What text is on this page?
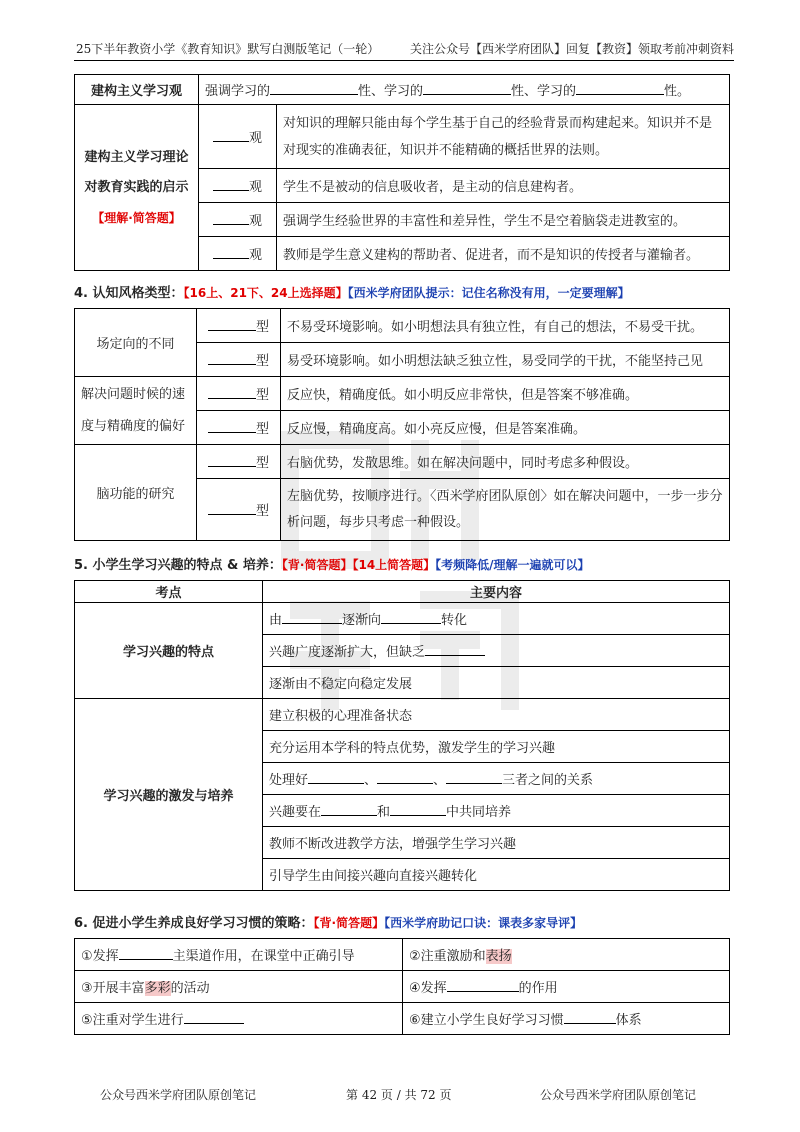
25下半年教资小学《教育知识》默写白测版笔记（一轮）	关注公众号【西米学府团队】回复【教资】领取考前冲刺资料
建构主义学习观	强调学习的 性、学习的 性、学习的 性。	

建构主义学习理论
对教育实践的启示
【理解·简答题】	观	对知识的理解只能由每个学生基于自己的经验背景而构建起来。知识并不是对现实的准确表征，知识并不能精确的概括世界的法则。
	观	学生不是被动的信息吸收者，是主动的信息建构者。
	观	强调学生经验世界的丰富性和差异性，学生不是空着脑袋走进教室的。
	观	教师是学生意义建构的帮助者、促进者，而不是知识的传授者与灌输者。
4. 认知风格类型：【16上、21下、24上选择题】【西米学府团队提示：记住名称没有用，一定要理解】
场定向的不同	型	不易受环境影响。如小明想法具有独立性，有自己的想法，不易受干扰。
	型	易受环境影响。如小明想法缺乏独立性，易受同学的干扰，不能坚持己见

解决问题时候的速
度与精确度的偏好	型	反应快，精确度低。如小明反应非常快，但是答案不够准确。
	型	反应慢，精确度高。如小亮反应慢，但是答案准确。
脑功能的研究	型	右脑优势，发散思维。如在解决问题中，同时考虑多种假设。
	型	左脑优势，按顺序进行。〈西米学府团队原创〉如在解决问题中，一步一步分析问题，每步只考虑一种假设。
5. 小学生学习兴趣的特点 & 培养：【背·简答题】【14上简答题】【考频降低/理解一遍就可以】
考点	主要内容
学习兴趣的特点	由 逐渐向 转化
	兴趣广度逐渐扩大，但缺乏
	逐渐由不稳定向稳定发展
学习兴趣的激发与培养	建立积极的心理准备状态
	充分运用本学科的特点优势，激发学生的学习兴趣
	处理好 、 、 三者之间的关系
	兴趣要在 和 中共同培养
	教师不断改进教学方法，增强学生学习兴趣
	引导学生由间接兴趣向直接兴趣转化
6. 促进小学生养成良好学习习惯的策略：【背·简答题】【西米学府助记口诀：课表多家导评】
①发挥 主渠道作用，在课堂中正确引导	②注重激励和表扬
③开展丰富多彩的活动	④发挥 的作用
⑤注重对学生进行	⑥建立小学生良好学习习惯 体系
公众号西米学府团队原创笔记	第 42 页 / 共 72 页	公众号西米学府团队原创笔记
